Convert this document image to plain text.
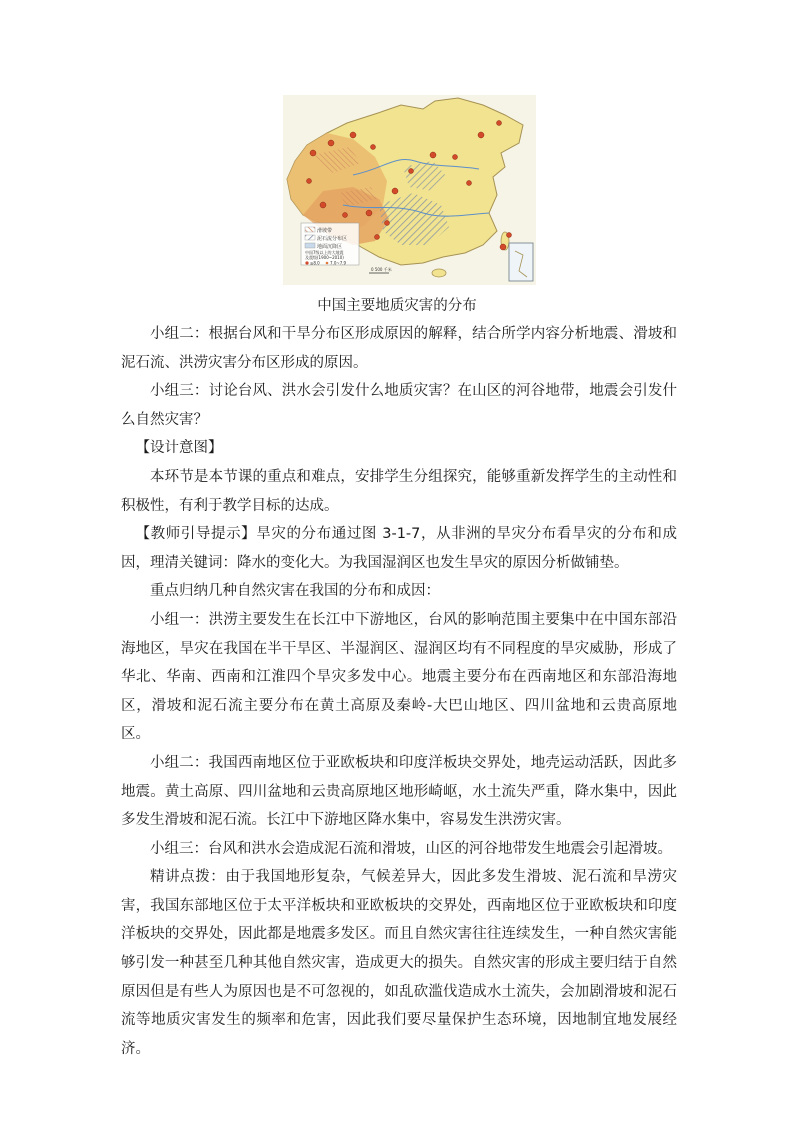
滑坡带
泥石流分布区
地面沉降区
中国7级以上的大地震
及震级(1900~2010)
≥8.0	7.0~7.9
0 500 千米
中国主要地质灾害的分布

小组二：根据台风和干旱分布区形成原因的解释，结合所学内容分析地震、滑坡和泥石流、洪涝灾害分布区形成的原因。

小组三：讨论台风、洪水会引发什么地质灾害？在山区的河谷地带，地震会引发什么自然灾害？

【设计意图】

本环节是本节课的重点和难点，安排学生分组探究，能够重新发挥学生的主动性和积极性，有利于教学目标的达成。

【教师引导提示】旱灾的分布通过图 3-1-7，从非洲的旱灾分布看旱灾的分布和成因，理清关键词：降水的变化大。为我国湿润区也发生旱灾的原因分析做铺垫。

重点归纳几种自然灾害在我国的分布和成因：

小组一：洪涝主要发生在长江中下游地区，台风的影响范围主要集中在中国东部沿海地区，旱灾在我国在半干旱区、半湿润区、湿润区均有不同程度的旱灾威胁，形成了华北、华南、西南和江淮四个旱灾多发中心。地震主要分布在西南地区和东部沿海地区，滑坡和泥石流主要分布在黄土高原及秦岭-大巴山地区、四川盆地和云贵高原地区。

小组二：我国西南地区位于亚欧板块和印度洋板块交界处，地壳运动活跃，因此多地震。黄土高原、四川盆地和云贵高原地区地形崎岖，水土流失严重，降水集中，因此多发生滑坡和泥石流。长江中下游地区降水集中，容易发生洪涝灾害。

小组三：台风和洪水会造成泥石流和滑坡，山区的河谷地带发生地震会引起滑坡。

精讲点拨：由于我国地形复杂，气候差异大，因此多发生滑坡、泥石流和旱涝灾害，我国东部地区位于太平洋板块和亚欧板块的交界处，西南地区位于亚欧板块和印度洋板块的交界处，因此都是地震多发区。而且自然灾害往往连续发生，一种自然灾害能够引发一种甚至几种其他自然灾害，造成更大的损失。自然灾害的形成主要归结于自然原因但是有些人为原因也是不可忽视的，如乱砍滥伐造成水土流失，会加剧滑坡和泥石流等地质灾害发生的频率和危害，因此我们要尽量保护生态环境，因地制宜地发展经济。
